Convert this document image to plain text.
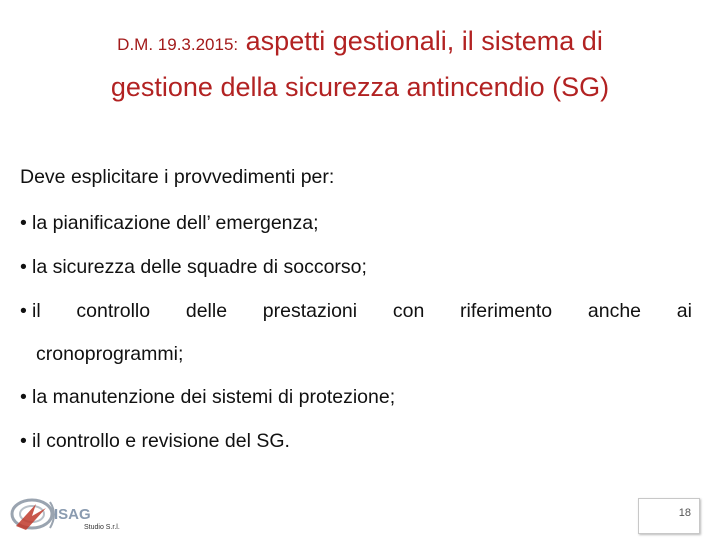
D.M. 19.3.2015: aspetti gestionali, il sistema di
gestione della sicurezza antincendio (SG)
Deve esplicitare i provvedimenti per:
• la pianificazione dell’ emergenza;
• la sicurezza delle squadre di soccorso;
• il controllo delle prestazioni con riferimento anche ai
cronoprogrammi;
• la manutenzione dei sistemi di protezione;
• il controllo e revisione del SG.
ISAG
Studio S.r.l.
18
